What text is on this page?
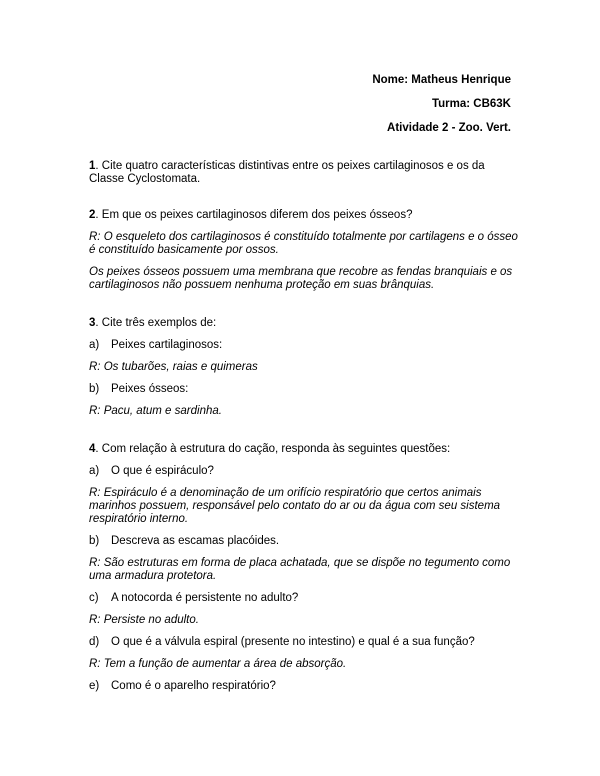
Nome: Matheus Henrique
Turma: CB63K
Atividade 2 - Zoo. Vert.
1. Cite quatro características distintivas entre os peixes cartilaginosos e os da Classe Cyclostomata.
2. Em que os peixes cartilaginosos diferem dos peixes ósseos?
R: O esqueleto dos cartilaginosos é constituído totalmente por cartilagens e o ósseo é constituído basicamente por ossos.
Os peixes ósseos possuem uma membrana que recobre as fendas branquiais e os cartilaginosos não possuem nenhuma proteção em suas brânquias.
3. Cite três exemplos de:
a) Peixes cartilaginosos:
R: Os tubarões, raias e quimeras
b) Peixes ósseos:
R: Pacu, atum e sardinha.
4. Com relação à estrutura do cação, responda às seguintes questões:
a) O que é espiráculo?
R: Espiráculo é a denominação de um orifício respiratório que certos animais marinhos possuem, responsável pelo contato do ar ou da água com seu sistema respiratório interno.
b) Descreva as escamas placóides.
R: São estruturas em forma de placa achatada, que se dispõe no tegumento como uma armadura protetora.
c) A notocorda é persistente no adulto?
R: Persiste no adulto.
d) O que é a válvula espiral (presente no intestino) e qual é a sua função?
R: Tem a função de aumentar a área de absorção.
e) Como é o aparelho respiratório?
